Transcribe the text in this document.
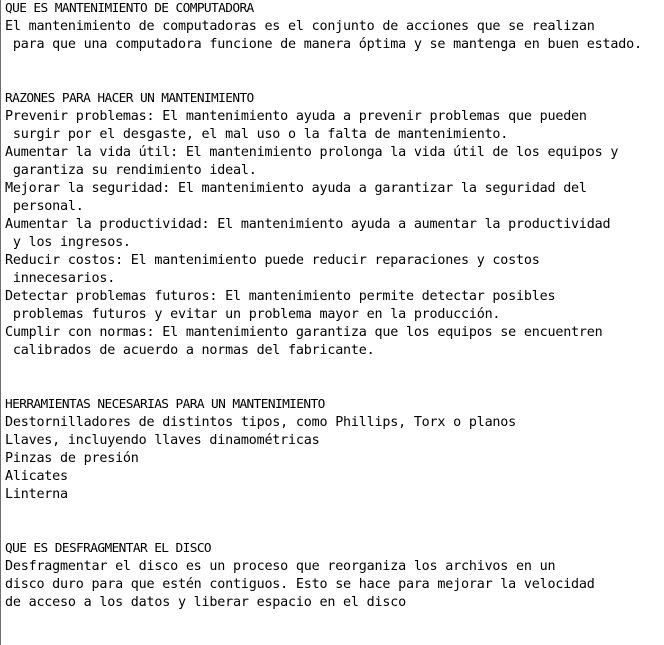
QUE ES MANTENIMIENTO DE COMPUTADORA
El mantenimiento de computadoras es el conjunto de acciones que se realizan
para que una computadora funcione de manera óptima y se mantenga en buen estado.
RAZONES PARA HACER UN MANTENIMIENTO
Prevenir problemas: El mantenimiento ayuda a prevenir problemas que pueden
surgir por el desgaste, el mal uso o la falta de mantenimiento.
Aumentar la vida útil: El mantenimiento prolonga la vida útil de los equipos y
garantiza su rendimiento ideal.
Mejorar la seguridad: El mantenimiento ayuda a garantizar la seguridad del
personal.
Aumentar la productividad: El mantenimiento ayuda a aumentar la productividad
y los ingresos.
Reducir costos: El mantenimiento puede reducir reparaciones y costos
innecesarios.
Detectar problemas futuros: El mantenimiento permite detectar posibles
problemas futuros y evitar un problema mayor en la producción.
Cumplir con normas: El mantenimiento garantiza que los equipos se encuentren
calibrados de acuerdo a normas del fabricante.
HERRAMIENTAS NECESARIAS PARA UN MANTENIMIENTO
Destornilladores de distintos tipos, como Phillips, Torx o planos
Llaves, incluyendo llaves dinamométricas
Pinzas de presión
Alicates
Linterna
QUE ES DESFRAGMENTAR EL DISCO
Desfragmentar el disco es un proceso que reorganiza los archivos en un
disco duro para que estén contiguos. Esto se hace para mejorar la velocidad
de acceso a los datos y liberar espacio en el disco
